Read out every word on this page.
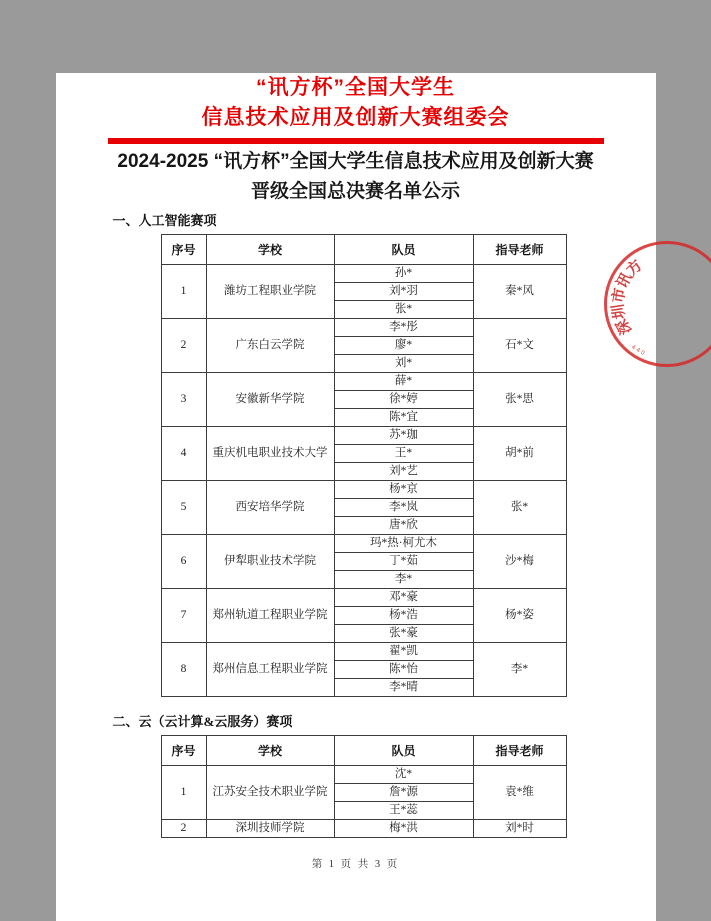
“讯方杯”全国大学生
信息技术应用及创新大赛组委会
2024-2025 “讯方杯”全国大学生信息技术应用及创新大赛
晋级全国总决赛名单公示
一、人工智能赛项
序号	学校	队员	指导老师
1	潍坊工程职业学院	孙*	秦*风
		刘*羽	
		张*	
2	广东白云学院	李*彤	石*文
		廖*	
		刘*	
3	安徽新华学院	薛*	张*思
		徐*婷	
		陈*宜	
4	重庆机电职业技术大学	苏*珈	胡*前
		王*	
		刘*艺	
5	西安培华学院	杨*京	张*
		李*岚	
		唐*欣	
6	伊犁职业技术学院	玛*热·柯尤木	沙*梅
		丁*茹	
		李*	
7	郑州轨道工程职业学院	邓*豪	杨*姿
		杨*浩	
		张*豪	
8	郑州信息工程职业学院	翟*凯	李*
		陈*怡	
		李*晴	
二、云（云计算&云服务）赛项
序号	学校	队员	指导老师
1	江苏安全技术职业学院	沈*	袁*维
		詹*源	
		王*蕊	
2	深圳技师学院	梅*洪	刘*时
第 1 页 共 3 页
深
圳
市
讯
方
440
